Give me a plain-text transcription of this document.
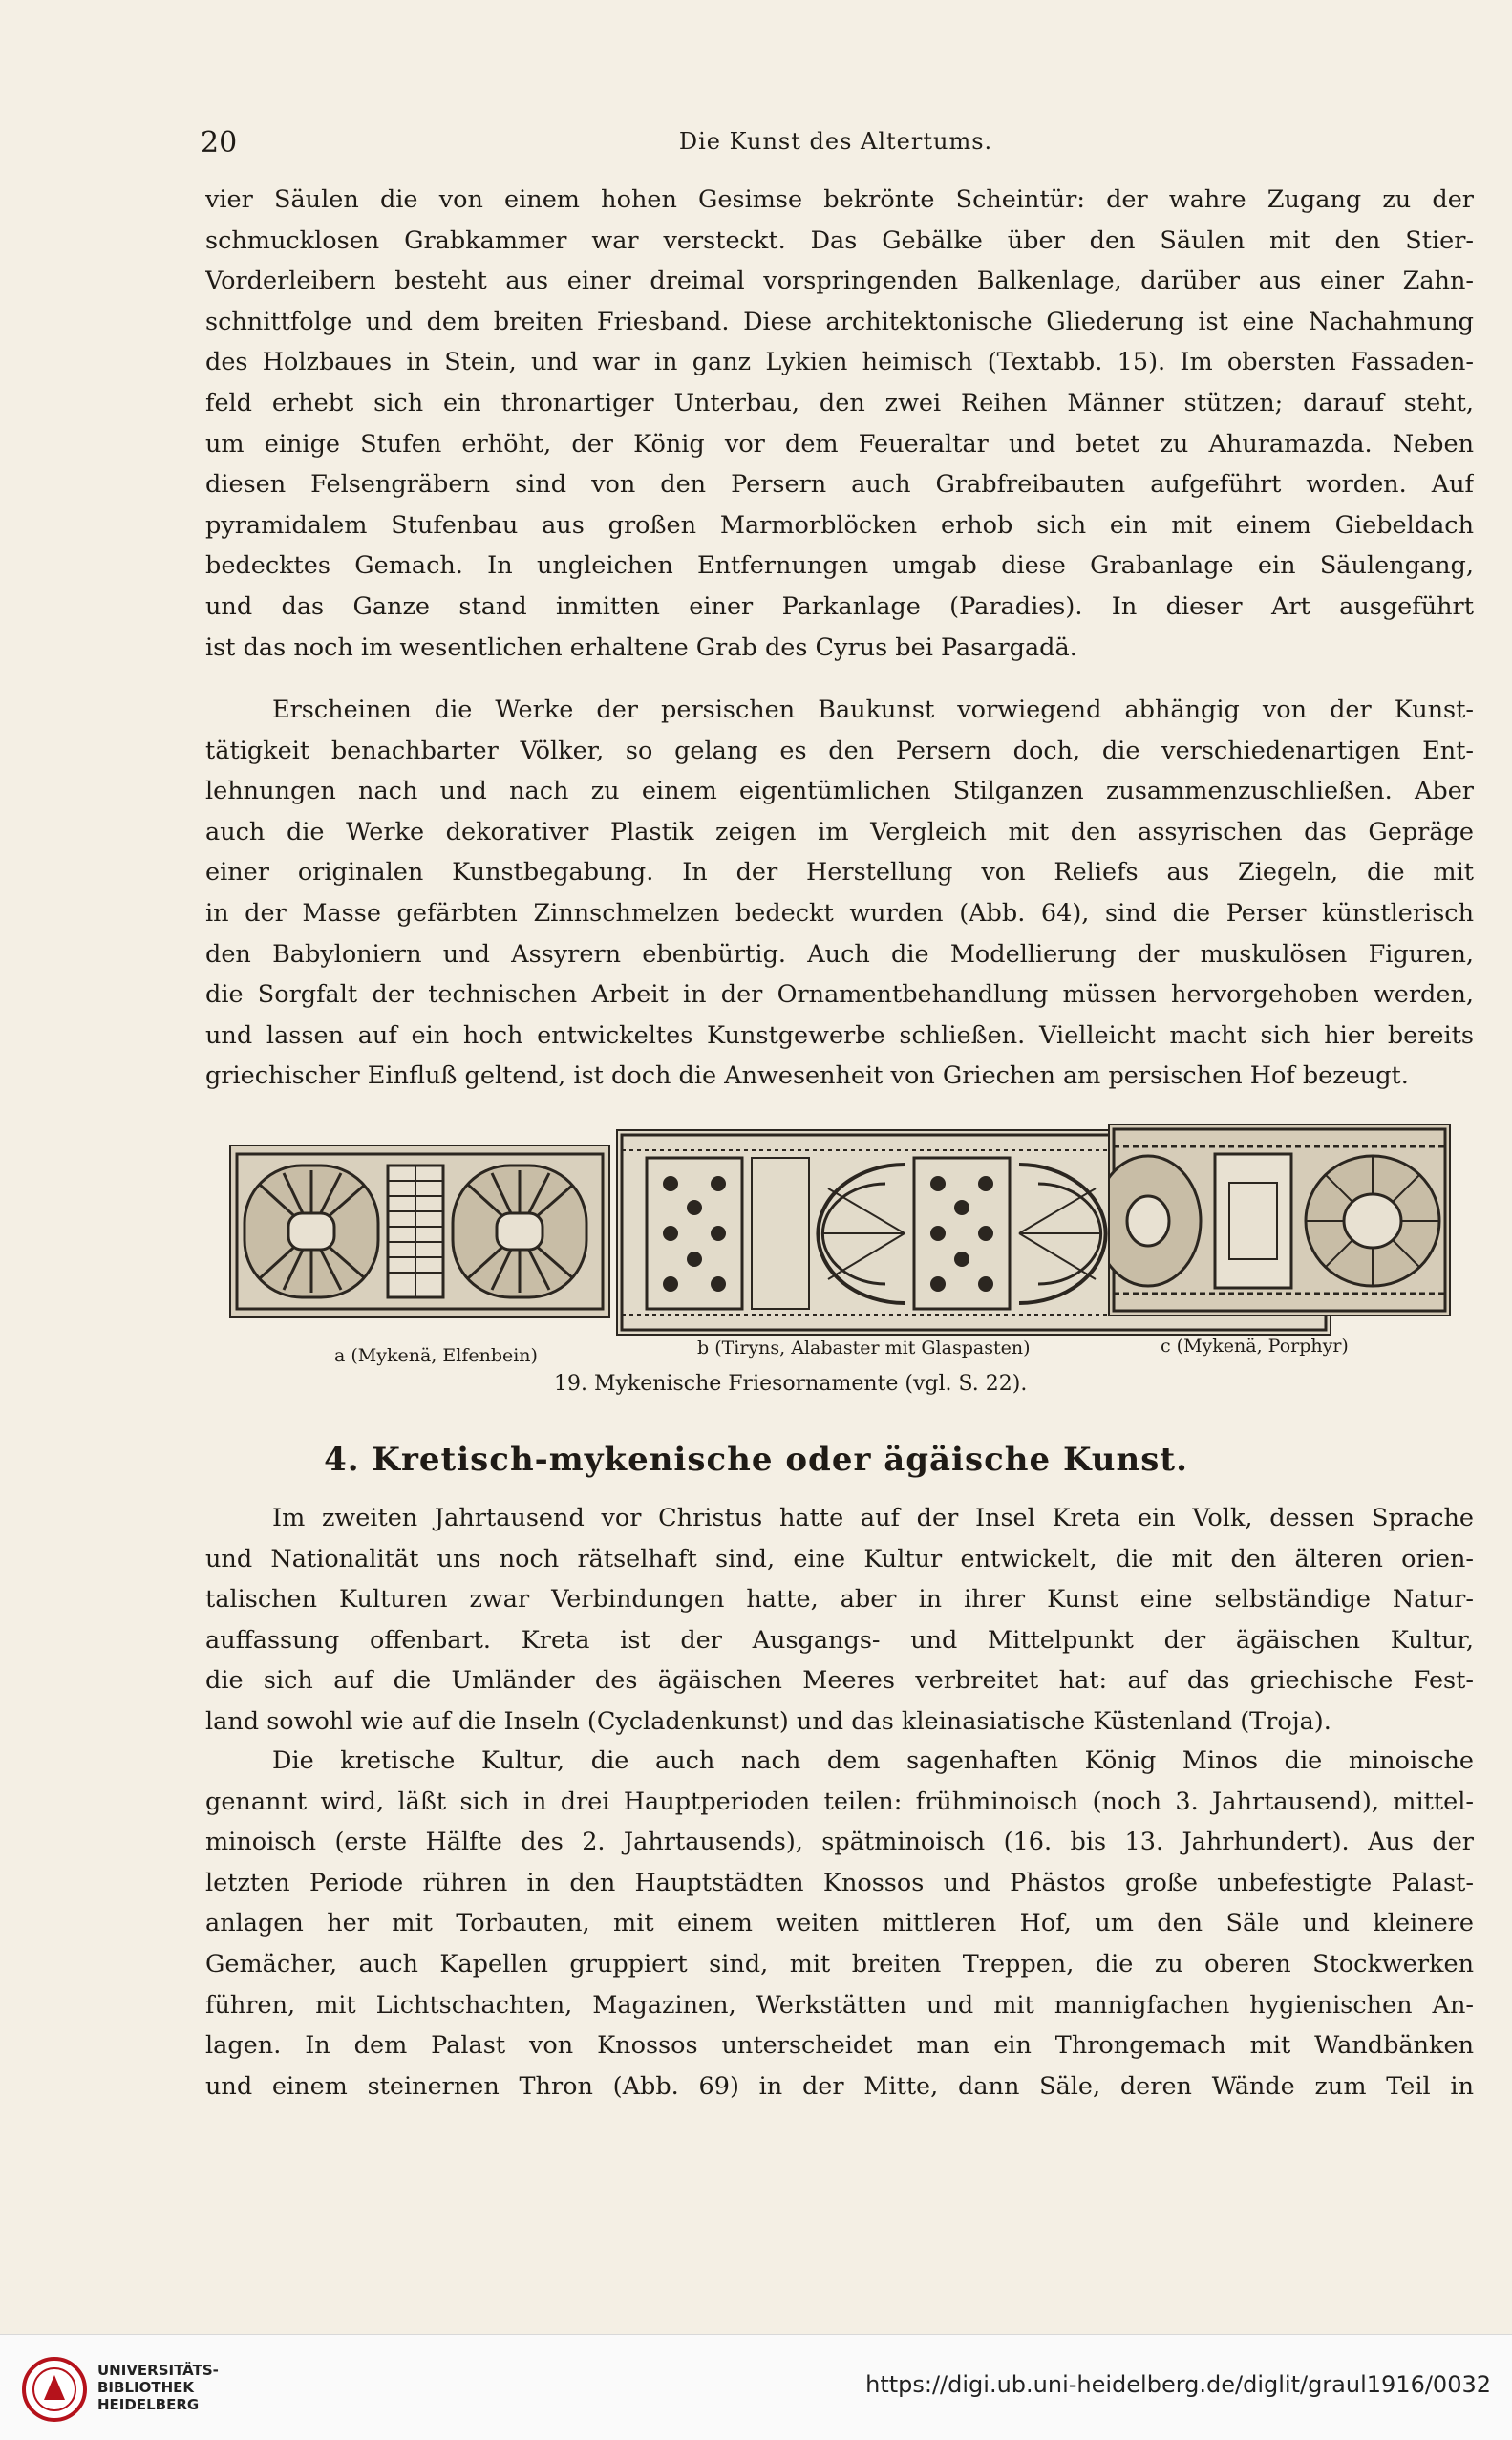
20	Die Kunst des Altertums.
vier Säulen die von einem hohen Gesimse bekrönte Scheintür: der wahre Zugang zu der
schmucklosen Grabkammer war versteckt. Das Gebälke über den Säulen mit den Stier-
Vorderleibern besteht aus einer dreimal vorspringenden Balkenlage, darüber aus einer Zahn-
schnittfolge und dem breiten Friesband. Diese architektonische Gliederung ist eine Nachahmung
des Holzbaues in Stein, und war in ganz Lykien heimisch (Textabb. 15). Im obersten Fassaden-
feld erhebt sich ein thronartiger Unterbau, den zwei Reihen Männer stützen; darauf steht,
um einige Stufen erhöht, der König vor dem Feueraltar und betet zu Ahuramazda. Neben
diesen Felsengräbern sind von den Persern auch Grabfreibauten aufgeführt worden. Auf
pyramidalem Stufenbau aus großen Marmorblöcken erhob sich ein mit einem Giebeldach
bedecktes Gemach. In ungleichen Entfernungen umgab diese Grabanlage ein Säulengang,
und das Ganze stand inmitten einer Parkanlage (Paradies). In dieser Art ausgeführt
ist das noch im wesentlichen erhaltene Grab des Cyrus bei Pasargadä.
Erscheinen die Werke der persischen Baukunst vorwiegend abhängig von der Kunst-
tätigkeit benachbarter Völker, so gelang es den Persern doch, die verschiedenartigen Ent-
lehnungen nach und nach zu einem eigentümlichen Stilganzen zusammenzuschließen. Aber
auch die Werke dekorativer Plastik zeigen im Vergleich mit den assyrischen das Gepräge
einer originalen Kunstbegabung. In der Herstellung von Reliefs aus Ziegeln, die mit
in der Masse gefärbten Zinnschmelzen bedeckt wurden (Abb. 64), sind die Perser künstlerisch
den Babyloniern und Assyrern ebenbürtig. Auch die Modellierung der muskulösen Figuren,
die Sorgfalt der technischen Arbeit in der Ornamentbehandlung müssen hervorgehoben werden,
und lassen auf ein hoch entwickeltes Kunstgewerbe schließen. Vielleicht macht sich hier bereits
griechischer Einfluß geltend, ist doch die Anwesenheit von Griechen am persischen Hof bezeugt.
a (Mykenä, Elfenbein)	b (Tiryns, Alabaster mit Glaspasten)	c (Mykenä, Porphyr)
19. Mykenische Friesornamente (vgl. S. 22).
4. Kretisch-mykenische oder ägäische Kunst.
Im zweiten Jahrtausend vor Christus hatte auf der Insel Kreta ein Volk, dessen Sprache
und Nationalität uns noch rätselhaft sind, eine Kultur entwickelt, die mit den älteren orien-
talischen Kulturen zwar Verbindungen hatte, aber in ihrer Kunst eine selbständige Natur-
auffassung offenbart. Kreta ist der Ausgangs- und Mittelpunkt der ägäischen Kultur,
die sich auf die Umländer des ägäischen Meeres verbreitet hat: auf das griechische Fest-
land sowohl wie auf die Inseln (Cycladenkunst) und das kleinasiatische Küstenland (Troja).
Die kretische Kultur, die auch nach dem sagenhaften König Minos die minoische
genannt wird, läßt sich in drei Hauptperioden teilen: frühminoisch (noch 3. Jahrtausend), mittel-
minoisch (erste Hälfte des 2. Jahrtausends), spätminoisch (16. bis 13. Jahrhundert). Aus der
letzten Periode rühren in den Hauptstädten Knossos und Phästos große unbefestigte Palast-
anlagen her mit Torbauten, mit einem weiten mittleren Hof, um den Säle und kleinere
Gemächer, auch Kapellen gruppiert sind, mit breiten Treppen, die zu oberen Stockwerken
führen, mit Lichtschachten, Magazinen, Werkstätten und mit mannigfachen hygienischen An-
lagen. In dem Palast von Knossos unterscheidet man ein Throngemach mit Wandbänken
und einem steinernen Thron (Abb. 69) in der Mitte, dann Säle, deren Wände zum Teil in
UNIVERSITÄTS-
BIBLIOTHEK
HEIDELBERG
https://digi.ub.uni-heidelberg.de/diglit/graul1916/0032
